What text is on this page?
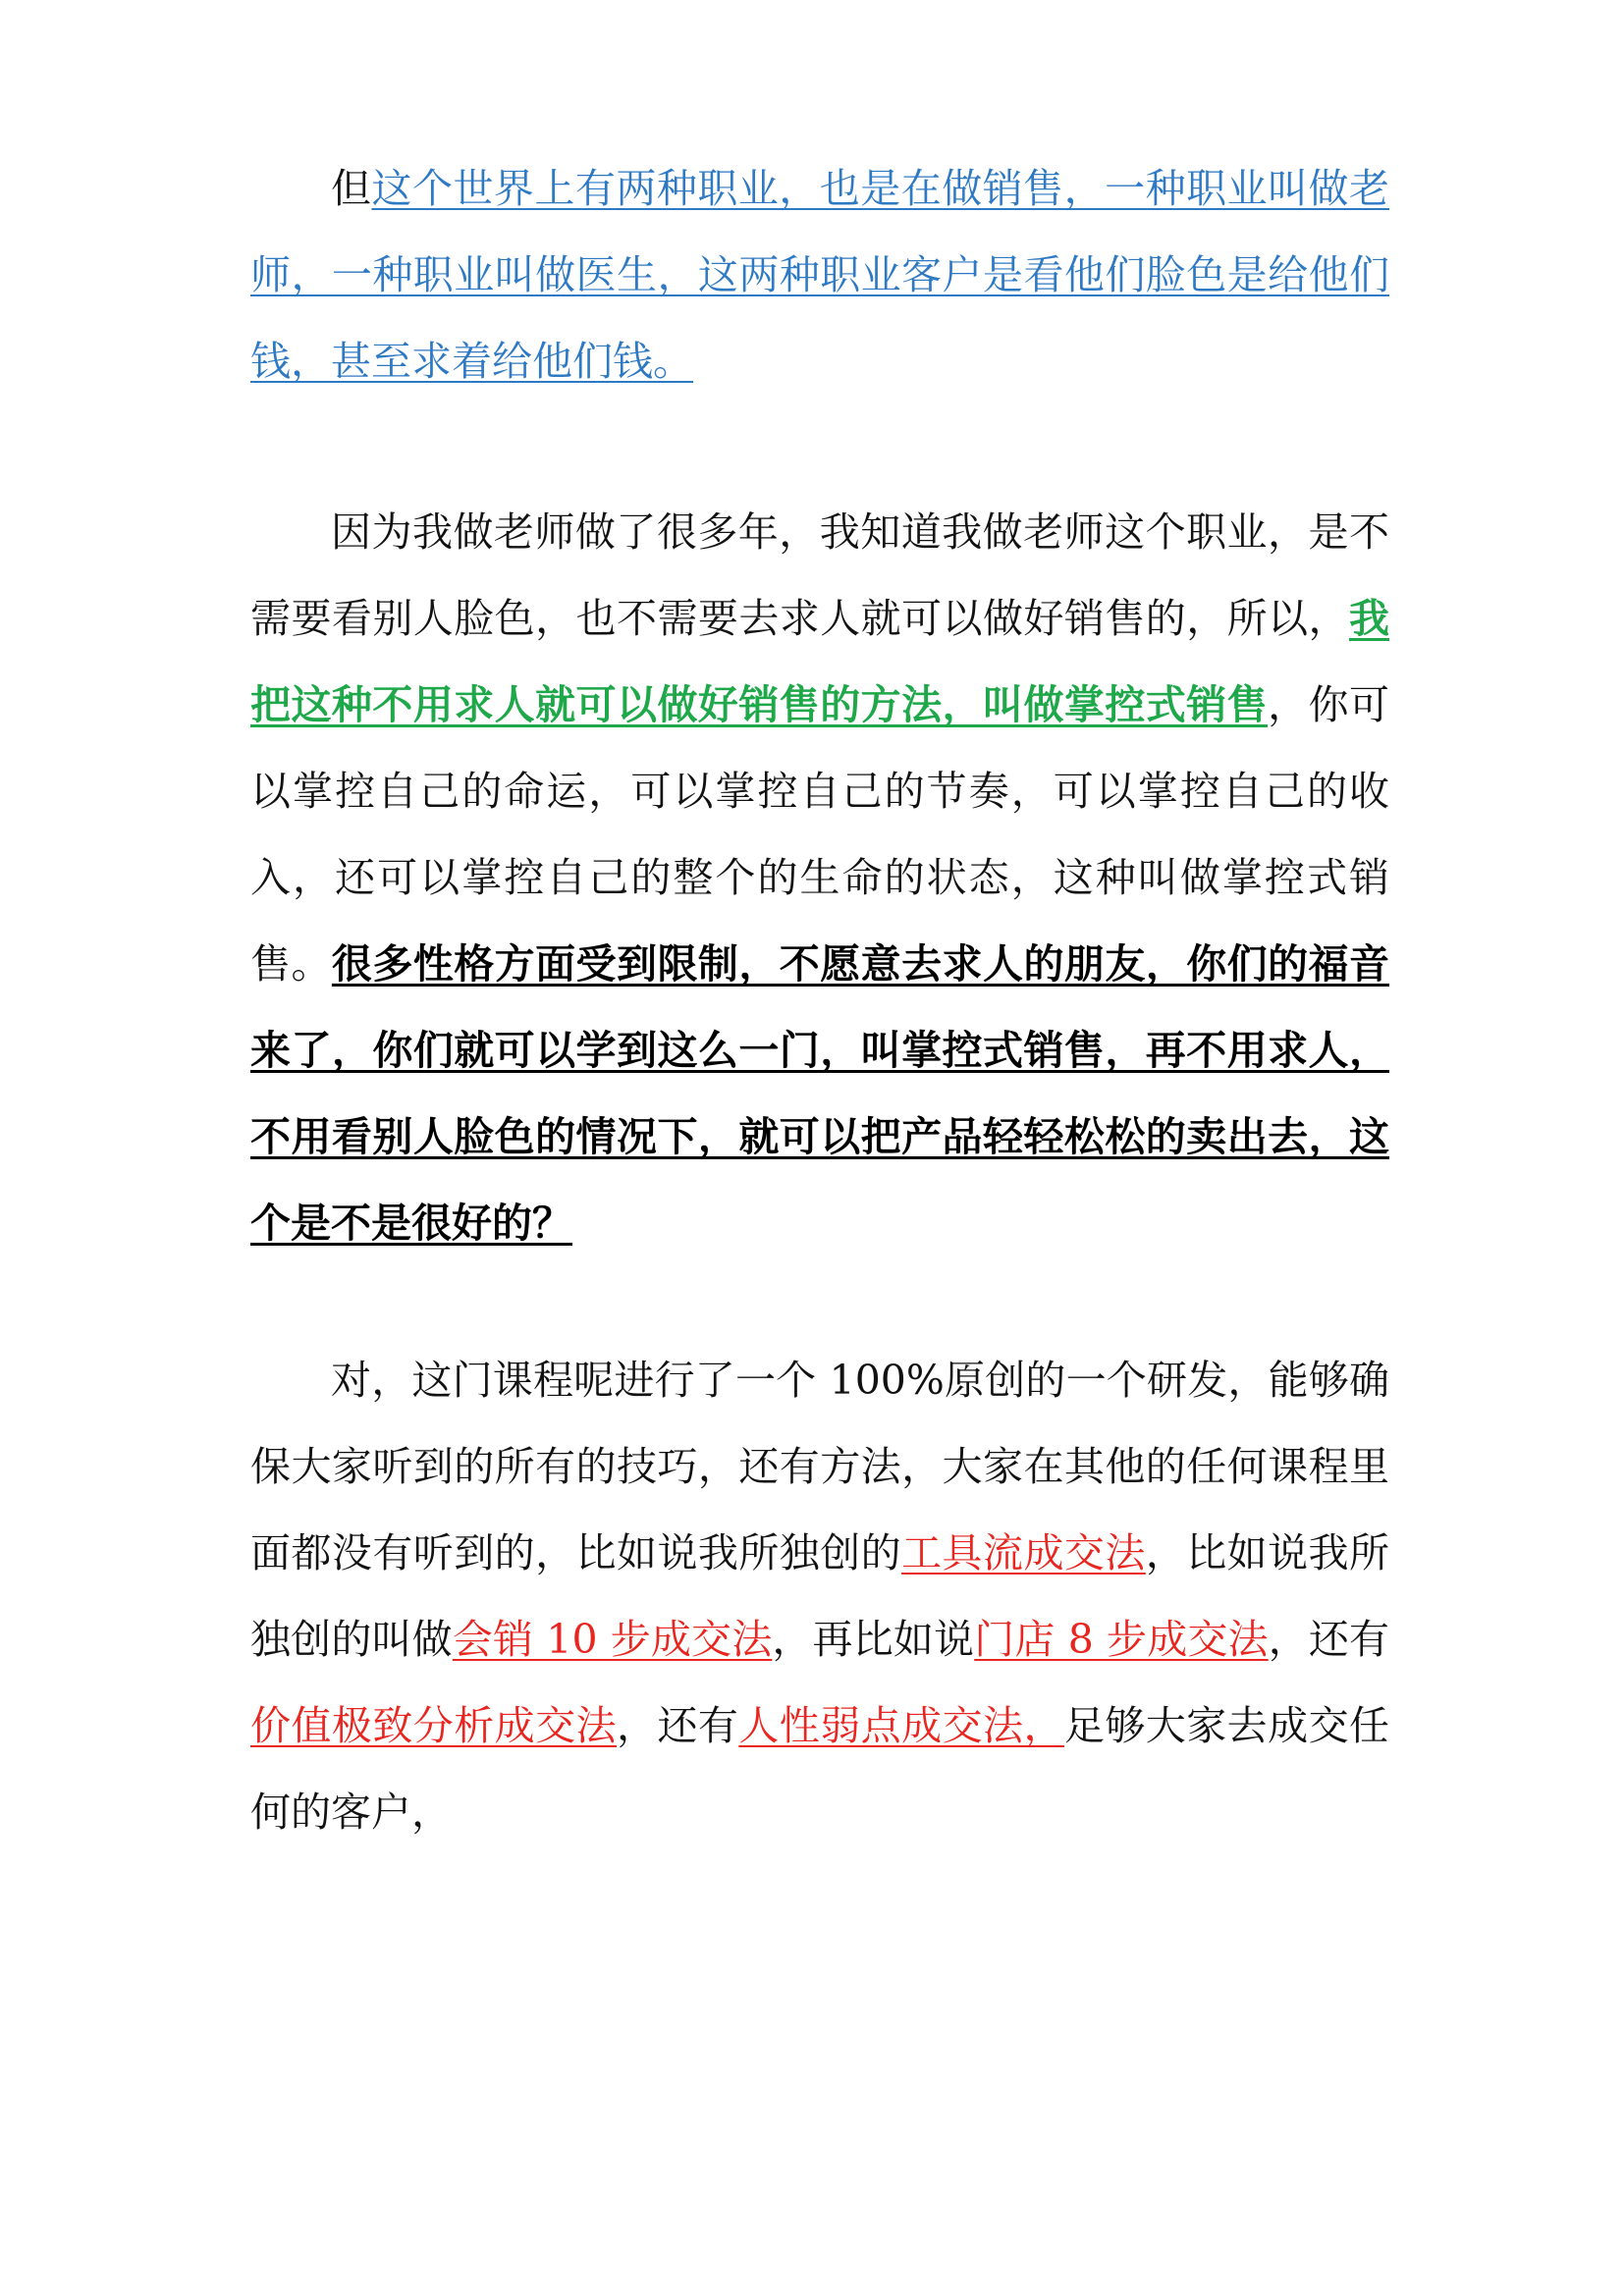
但这个世界上有两种职业，也是在做销售，一种职业叫做老师，一种职业叫做医生，这两种职业客户是看他们脸色是给他们钱，甚至求着给他们钱。

因为我做老师做了很多年，我知道我做老师这个职业，是不需要看别人脸色，也不需要去求人就可以做好销售的，所以，我把这种不用求人就可以做好销售的方法，叫做掌控式销售，你可以掌控自己的命运，可以掌控自己的节奏，可以掌控自己的收入，还可以掌控自己的整个的生命的状态，这种叫做掌控式销售。很多性格方面受到限制，不愿意去求人的朋友，你们的福音来了，你们就可以学到这么一门，叫掌控式销售，再不用求人，不用看别人脸色的情况下，就可以把产品轻轻松松的卖出去，这个是不是很好的？

对，这门课程呢进行了一个 100%原创的一个研发，能够确保大家听到的所有的技巧，还有方法，大家在其他的任何课程里面都没有听到的，比如说我所独创的工具流成交法，比如说我所独创的叫做会销 10 步成交法，再比如说门店 8 步成交法，还有价值极致分析成交法，还有人性弱点成交法，足够大家去成交任何的客户，
